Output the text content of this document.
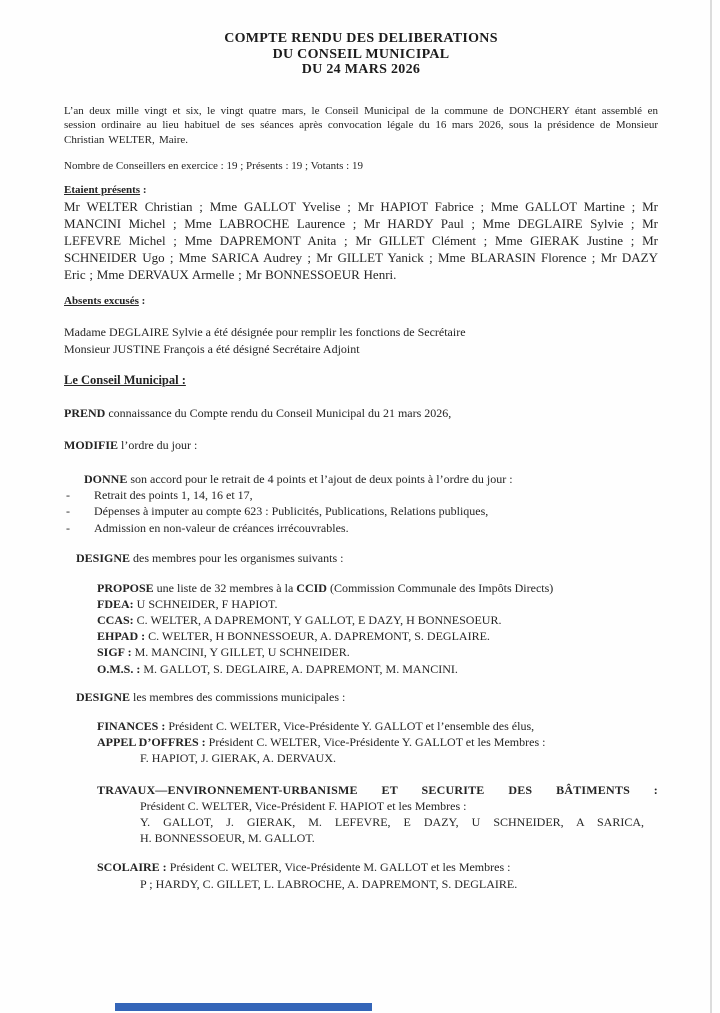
COMPTE RENDU DES DELIBERATIONS
DU CONSEIL MUNICIPAL
DU 24 MARS 2026

L’an deux mille vingt et six, le vingt quatre mars, le Conseil Municipal de la commune de DONCHERY étant assemblé en session ordinaire au lieu habituel de ses séances après convocation légale du 16 mars 2026, sous la présidence de Monsieur Christian WELTER, Maire.

Nombre de Conseillers en exercice : 19 ; Présents : 19 ; Votants : 19

Etaient présents :

Mr WELTER Christian ; Mme GALLOT Yvelise ; Mr HAPIOT Fabrice ; Mme GALLOT Martine ; Mr MANCINI Michel ; Mme LABROCHE Laurence ; Mr HARDY Paul ; Mme DEGLAIRE Sylvie ; Mr LEFEVRE Michel ; Mme DAPREMONT Anita ; Mr GILLET Clément ; Mme GIERAK Justine ; Mr SCHNEIDER Ugo ; Mme SARICA Audrey ; Mr GILLET Yanick ; Mme BLARASIN Florence ; Mr DAZY Eric ; Mme DERVAUX Armelle ; Mr BONNESSOEUR Henri.

Absents excusés :

Madame DEGLAIRE Sylvie a été désignée pour remplir les fonctions de Secrétaire
Monsieur JUSTINE François a été désigné Secrétaire Adjoint

Le Conseil Municipal :

PREND connaissance du Compte rendu du Conseil Municipal du 21 mars 2026,

MODIFIE l’ordre du jour :

DONNE son accord pour le retrait de 4 points et l’ajout de deux points à l’ordre du jour :

-	Retrait des points 1, 14, 16 et 17,
-	Dépenses à imputer au compte 623 : Publicités, Publications, Relations publiques,
-	Admission en non-valeur de créances irrécouvrables.

DESIGNE des membres pour les organismes suivants :

PROPOSE une liste de 32 membres à la CCID (Commission Communale des Impôts Directs)

FDEA: U SCHNEIDER, F HAPIOT.

CCAS: C. WELTER, A DAPREMONT, Y GALLOT, E DAZY, H BONNESOEUR.

EHPAD : C. WELTER, H BONNESSOEUR, A. DAPREMONT, S. DEGLAIRE.

SIGF : M. MANCINI, Y GILLET, U SCHNEIDER.

O.M.S. : M. GALLOT, S. DEGLAIRE, A. DAPREMONT, M. MANCINI.

DESIGNE les membres des commissions municipales :

FINANCES : Président C. WELTER, Vice-Présidente Y. GALLOT et l’ensemble des élus,

APPEL D’OFFRES : Président C. WELTER, Vice-Présidente Y. GALLOT et les Membres :

F. HAPIOT, J. GIERAK, A. DERVAUX.

TRAVAUX—ENVIRONNEMENT-URBANISME ET SECURITE DES BÂTIMENTS :

Président C. WELTER, Vice-Président F. HAPIOT et les Membres :

Y. GALLOT, J. GIERAK, M. LEFEVRE, E DAZY, U SCHNEIDER, A SARICA,

H. BONNESSOEUR, M. GALLOT.

SCOLAIRE : Président C. WELTER, Vice-Présidente M. GALLOT et les Membres :

P ; HARDY, C. GILLET, L. LABROCHE, A. DAPREMONT, S. DEGLAIRE.
